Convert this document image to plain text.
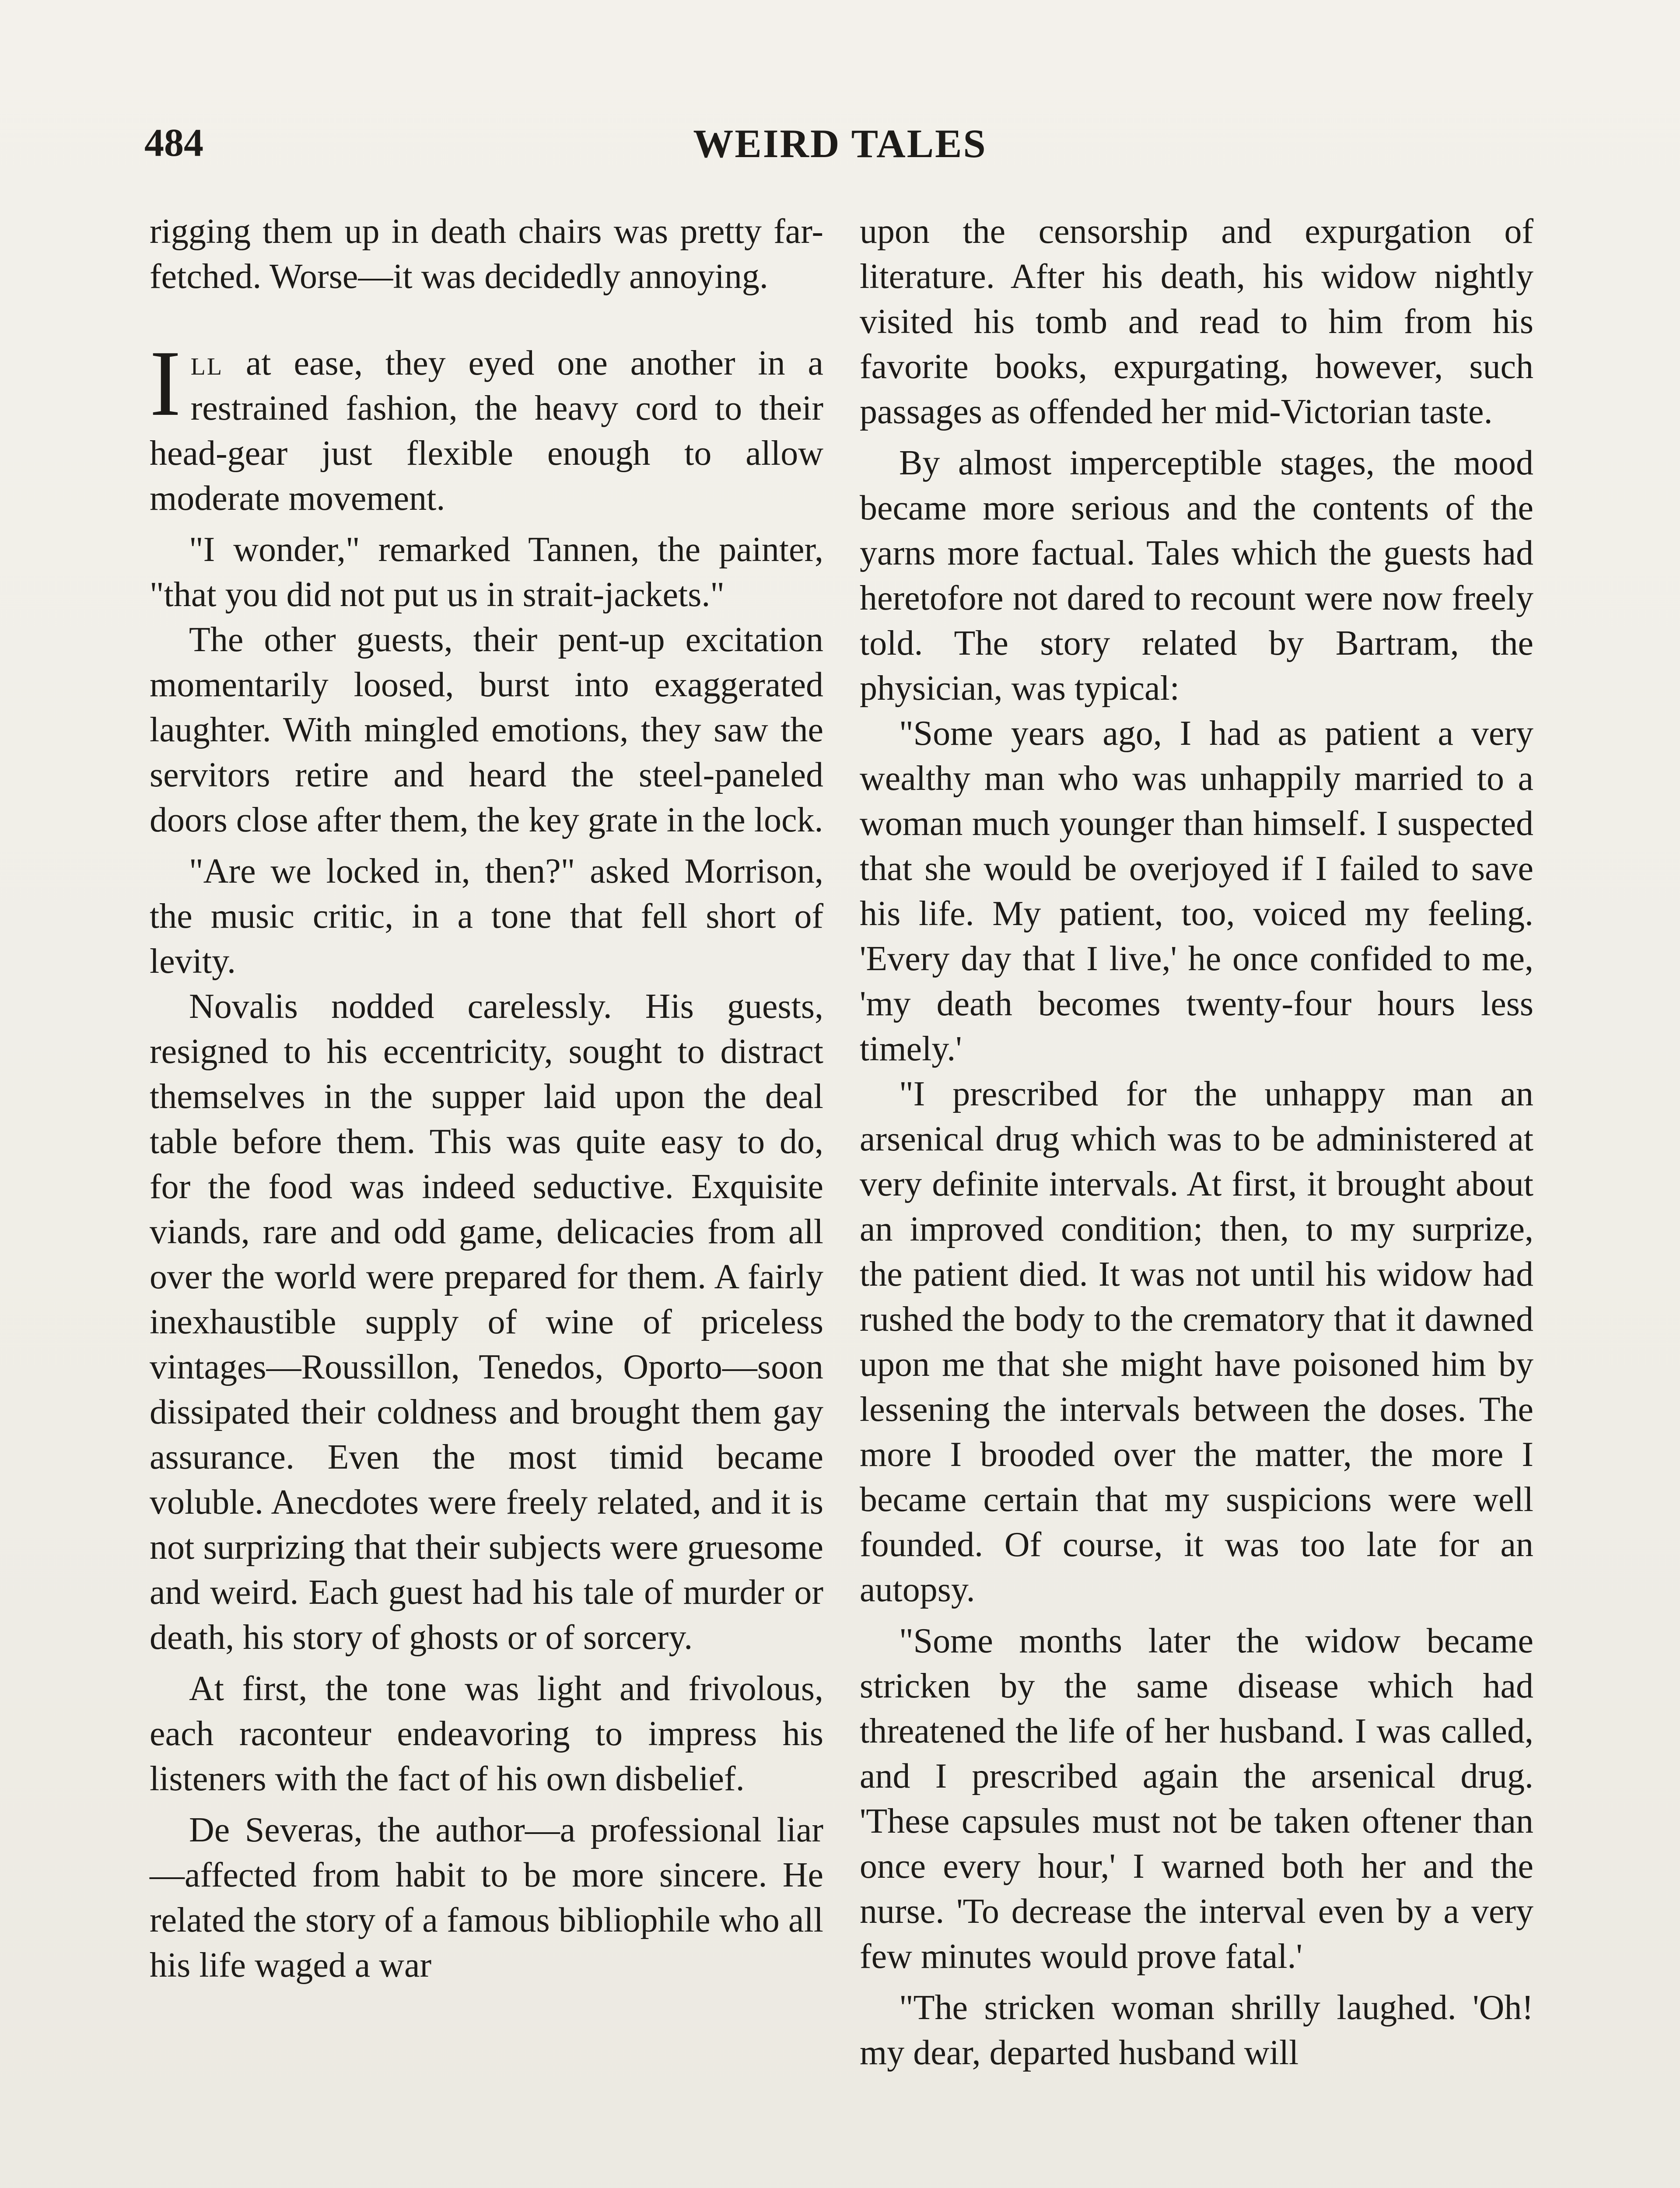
484	WEIRD TALES

rigging them up in death chairs was pretty far-fetched. Worse—it was decidedly annoying.

Ill at ease, they eyed one another in a restrained fashion, the heavy cord to their head-gear just flexible enough to allow moderate movement.

"I wonder," remarked Tannen, the painter, "that you did not put us in strait-jackets."

The other guests, their pent-up excitation momentarily loosed, burst into exaggerated laughter. With mingled emotions, they saw the servitors retire and heard the steel-paneled doors close after them, the key grate in the lock.

"Are we locked in, then?" asked Morrison, the music critic, in a tone that fell short of levity.

Novalis nodded carelessly. His guests, resigned to his eccentricity, sought to distract themselves in the supper laid upon the deal table before them. This was quite easy to do, for the food was indeed seductive. Exquisite viands, rare and odd game, delicacies from all over the world were prepared for them. A fairly inexhaustible supply of wine of priceless vintages—Roussillon, Tenedos, Oporto—soon dissipated their coldness and brought them gay assurance. Even the most timid became voluble. Anecdotes were freely related, and it is not surprizing that their subjects were gruesome and weird. Each guest had his tale of murder or death, his story of ghosts or of sorcery.

At first, the tone was light and frivolous, each raconteur endeavoring to impress his listeners with the fact of his own disbelief.

De Severas, the author—a professional liar—affected from habit to be more sincere. He related the story of a famous bibliophile who all his life waged a war

upon the censorship and expurgation of literature. After his death, his widow nightly visited his tomb and read to him from his favorite books, expurgating, however, such passages as offended her mid-Victorian taste.

By almost imperceptible stages, the mood became more serious and the contents of the yarns more factual. Tales which the guests had heretofore not dared to recount were now freely told. The story related by Bartram, the physician, was typical:

"Some years ago, I had as patient a very wealthy man who was unhappily married to a woman much younger than himself. I suspected that she would be overjoyed if I failed to save his life. My patient, too, voiced my feeling. 'Every day that I live,' he once confided to me, 'my death becomes twenty-four hours less timely.'

"I prescribed for the unhappy man an arsenical drug which was to be administered at very definite intervals. At first, it brought about an improved condition; then, to my surprize, the patient died. It was not until his widow had rushed the body to the crematory that it dawned upon me that she might have poisoned him by lessening the intervals between the doses. The more I brooded over the matter, the more I became certain that my suspicions were well founded. Of course, it was too late for an autopsy.

"Some months later the widow became stricken by the same disease which had threatened the life of her husband. I was called, and I prescribed again the arsenical drug. 'These capsules must not be taken oftener than once every hour,' I warned both her and the nurse. 'To decrease the interval even by a very few minutes would prove fatal.'

"The stricken woman shrilly laughed. 'Oh! my dear, departed husband will
